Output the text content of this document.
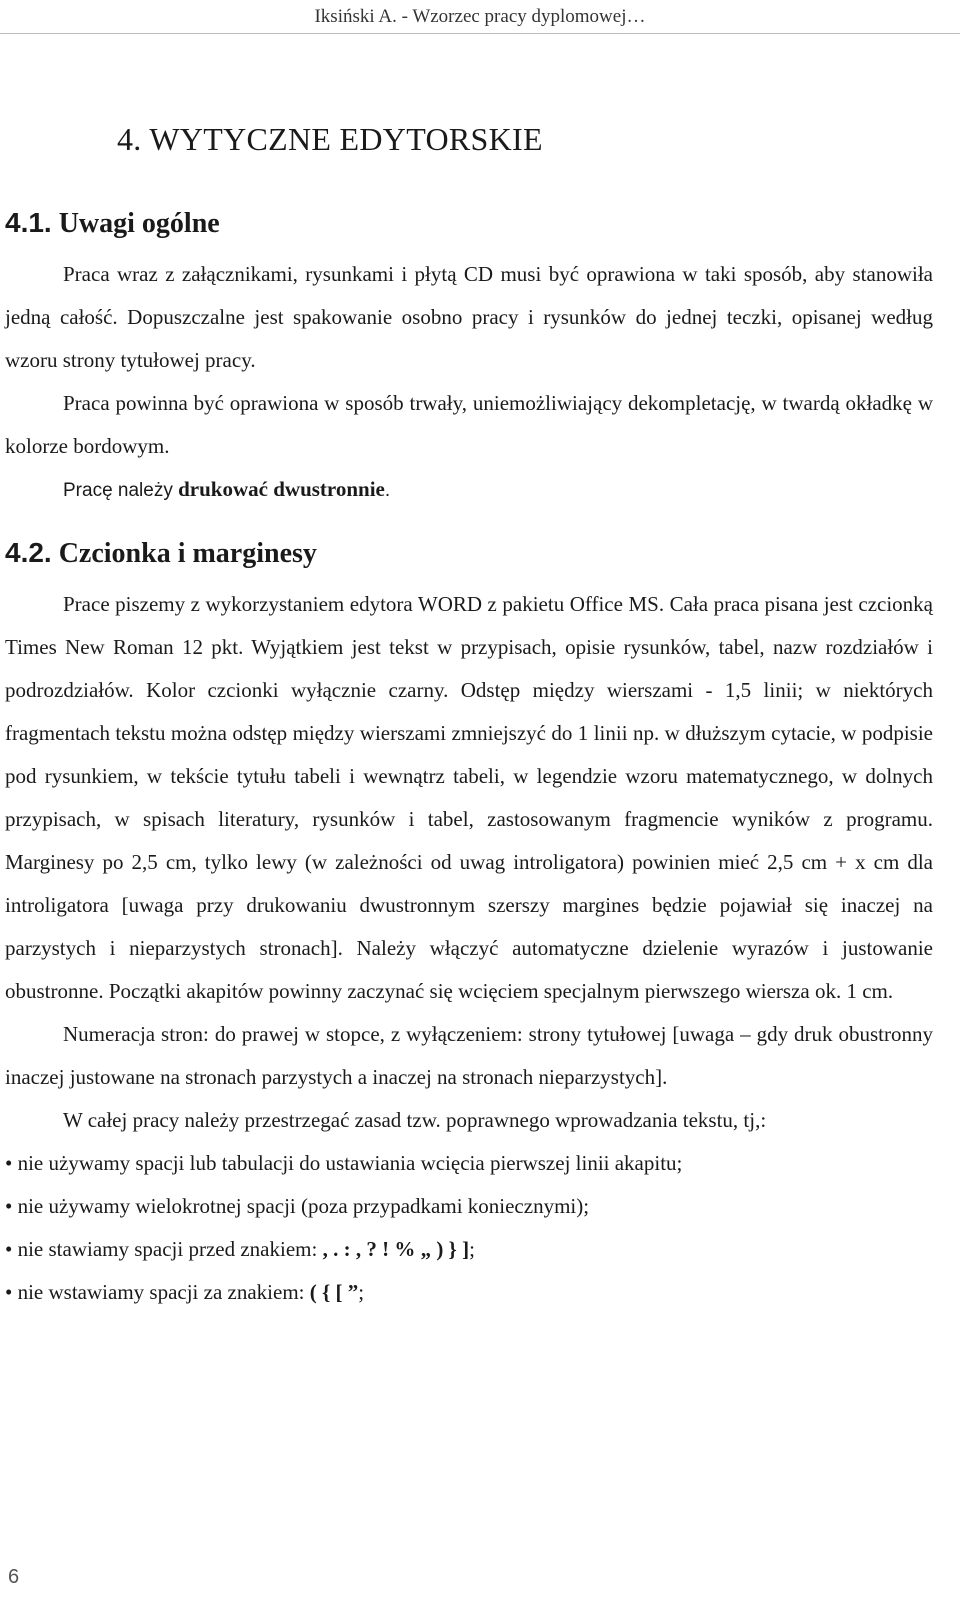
Iksiński A. - Wzorzec pracy dyplomowej…
4. WYTYCZNE EDYTORSKIE
4.1. Uwagi ogólne

Praca wraz z załącznikami, rysunkami i płytą CD musi być oprawiona w taki sposób, aby stanowiła jedną całość. Dopuszczalne jest spakowanie osobno pracy i rysunków do jednej teczki, opisanej według wzoru strony tytułowej pracy.

Praca powinna być oprawiona w sposób trwały, uniemożliwiający dekompletację, w twardą okładkę w kolorze bordowym.

Pracę należy drukować dwustronnie.

4.2. Czcionka i marginesy

Prace piszemy z wykorzystaniem edytora WORD z pakietu Office MS. Cała praca pisana jest czcionką Times New Roman 12 pkt. Wyjątkiem jest tekst w przypisach, opisie rysunków, tabel, nazw rozdziałów i podrozdziałów. Kolor czcionki wyłącznie czarny. Odstęp między wierszami - 1,5 linii; w niektórych fragmentach tekstu można odstęp między wierszami zmniejszyć do 1 linii np. w dłuższym cytacie, w podpisie pod rysunkiem, w tekście tytułu tabeli i wewnątrz tabeli, w legendzie wzoru matematycznego, w dolnych przypisach, w spisach literatury, rysunków i tabel, zastosowanym fragmencie wyników z programu. Marginesy po 2,5 cm, tylko lewy (w zależności od uwag introligatora) powinien mieć 2,5 cm + x cm dla introligatora [uwaga przy drukowaniu dwustronnym szerszy margines będzie pojawiał się inaczej na parzystych i nieparzystych stronach]. Należy włączyć automatyczne dzielenie wyrazów i justowanie obustronne. Początki akapitów powinny zaczynać się wcięciem specjalnym pierwszego wiersza ok. 1 cm.

Numeracja stron: do prawej w stopce, z wyłączeniem: strony tytułowej [uwaga – gdy druk obustronny inaczej justowane na stronach parzystych a inaczej na stronach nieparzystych].

W całej pracy należy przestrzegać zasad tzw. poprawnego wprowadzania tekstu, tj,:

• nie używamy spacji lub tabulacji do ustawiania wcięcia pierwszej linii akapitu;
• nie używamy wielokrotnej spacji (poza przypadkami koniecznymi);
• nie stawiamy spacji przed znakiem: , . : , ? ! % „ ) } ];
• nie wstawiamy spacji za znakiem: ( { [ ”;
6
